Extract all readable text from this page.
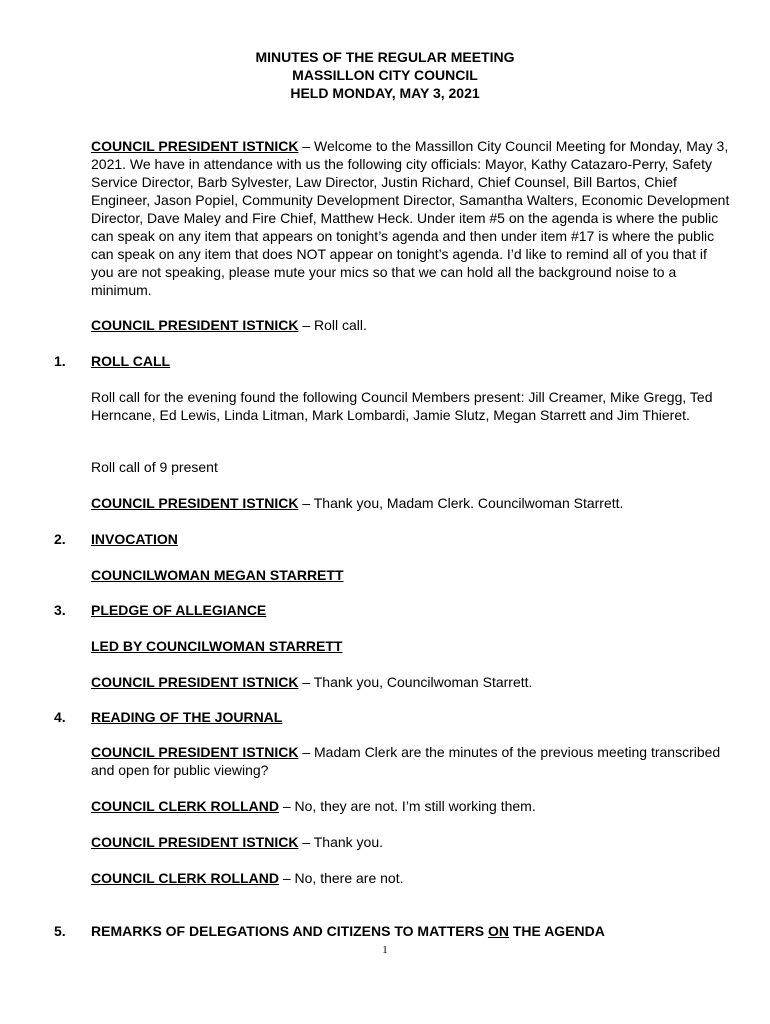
MINUTES OF THE REGULAR MEETING
MASSILLON CITY COUNCIL
HELD MONDAY, MAY 3, 2021
COUNCIL PRESIDENT ISTNICK – Welcome to the Massillon City Council Meeting for Monday, May 3, 2021. We have in attendance with us the following city officials: Mayor, Kathy Catazaro-Perry, Safety Service Director, Barb Sylvester, Law Director, Justin Richard, Chief Counsel, Bill Bartos, Chief Engineer, Jason Popiel, Community Development Director, Samantha Walters, Economic Development Director, Dave Maley and Fire Chief, Matthew Heck. Under item #5 on the agenda is where the public can speak on any item that appears on tonight’s agenda and then under item #17 is where the public can speak on any item that does NOT appear on tonight’s agenda. I’d like to remind all of you that if you are not speaking, please mute your mics so that we can hold all the background noise to a minimum.
COUNCIL PRESIDENT ISTNICK – Roll call.
1. ROLL CALL
Roll call for the evening found the following Council Members present: Jill Creamer, Mike Gregg, Ted Herncane, Ed Lewis, Linda Litman, Mark Lombardi, Jamie Slutz, Megan Starrett and Jim Thieret.
Roll call of 9 present
COUNCIL PRESIDENT ISTNICK – Thank you, Madam Clerk. Councilwoman Starrett.
2. INVOCATION
COUNCILWOMAN MEGAN STARRETT
3. PLEDGE OF ALLEGIANCE
LED BY COUNCILWOMAN STARRETT
COUNCIL PRESIDENT ISTNICK – Thank you, Councilwoman Starrett.
4. READING OF THE JOURNAL
COUNCIL PRESIDENT ISTNICK – Madam Clerk are the minutes of the previous meeting transcribed and open for public viewing?
COUNCIL CLERK ROLLAND – No, they are not. I’m still working them.
COUNCIL PRESIDENT ISTNICK – Thank you.
COUNCIL CLERK ROLLAND – No, there are not.
5. REMARKS OF DELEGATIONS AND CITIZENS TO MATTERS ON THE AGENDA
1
